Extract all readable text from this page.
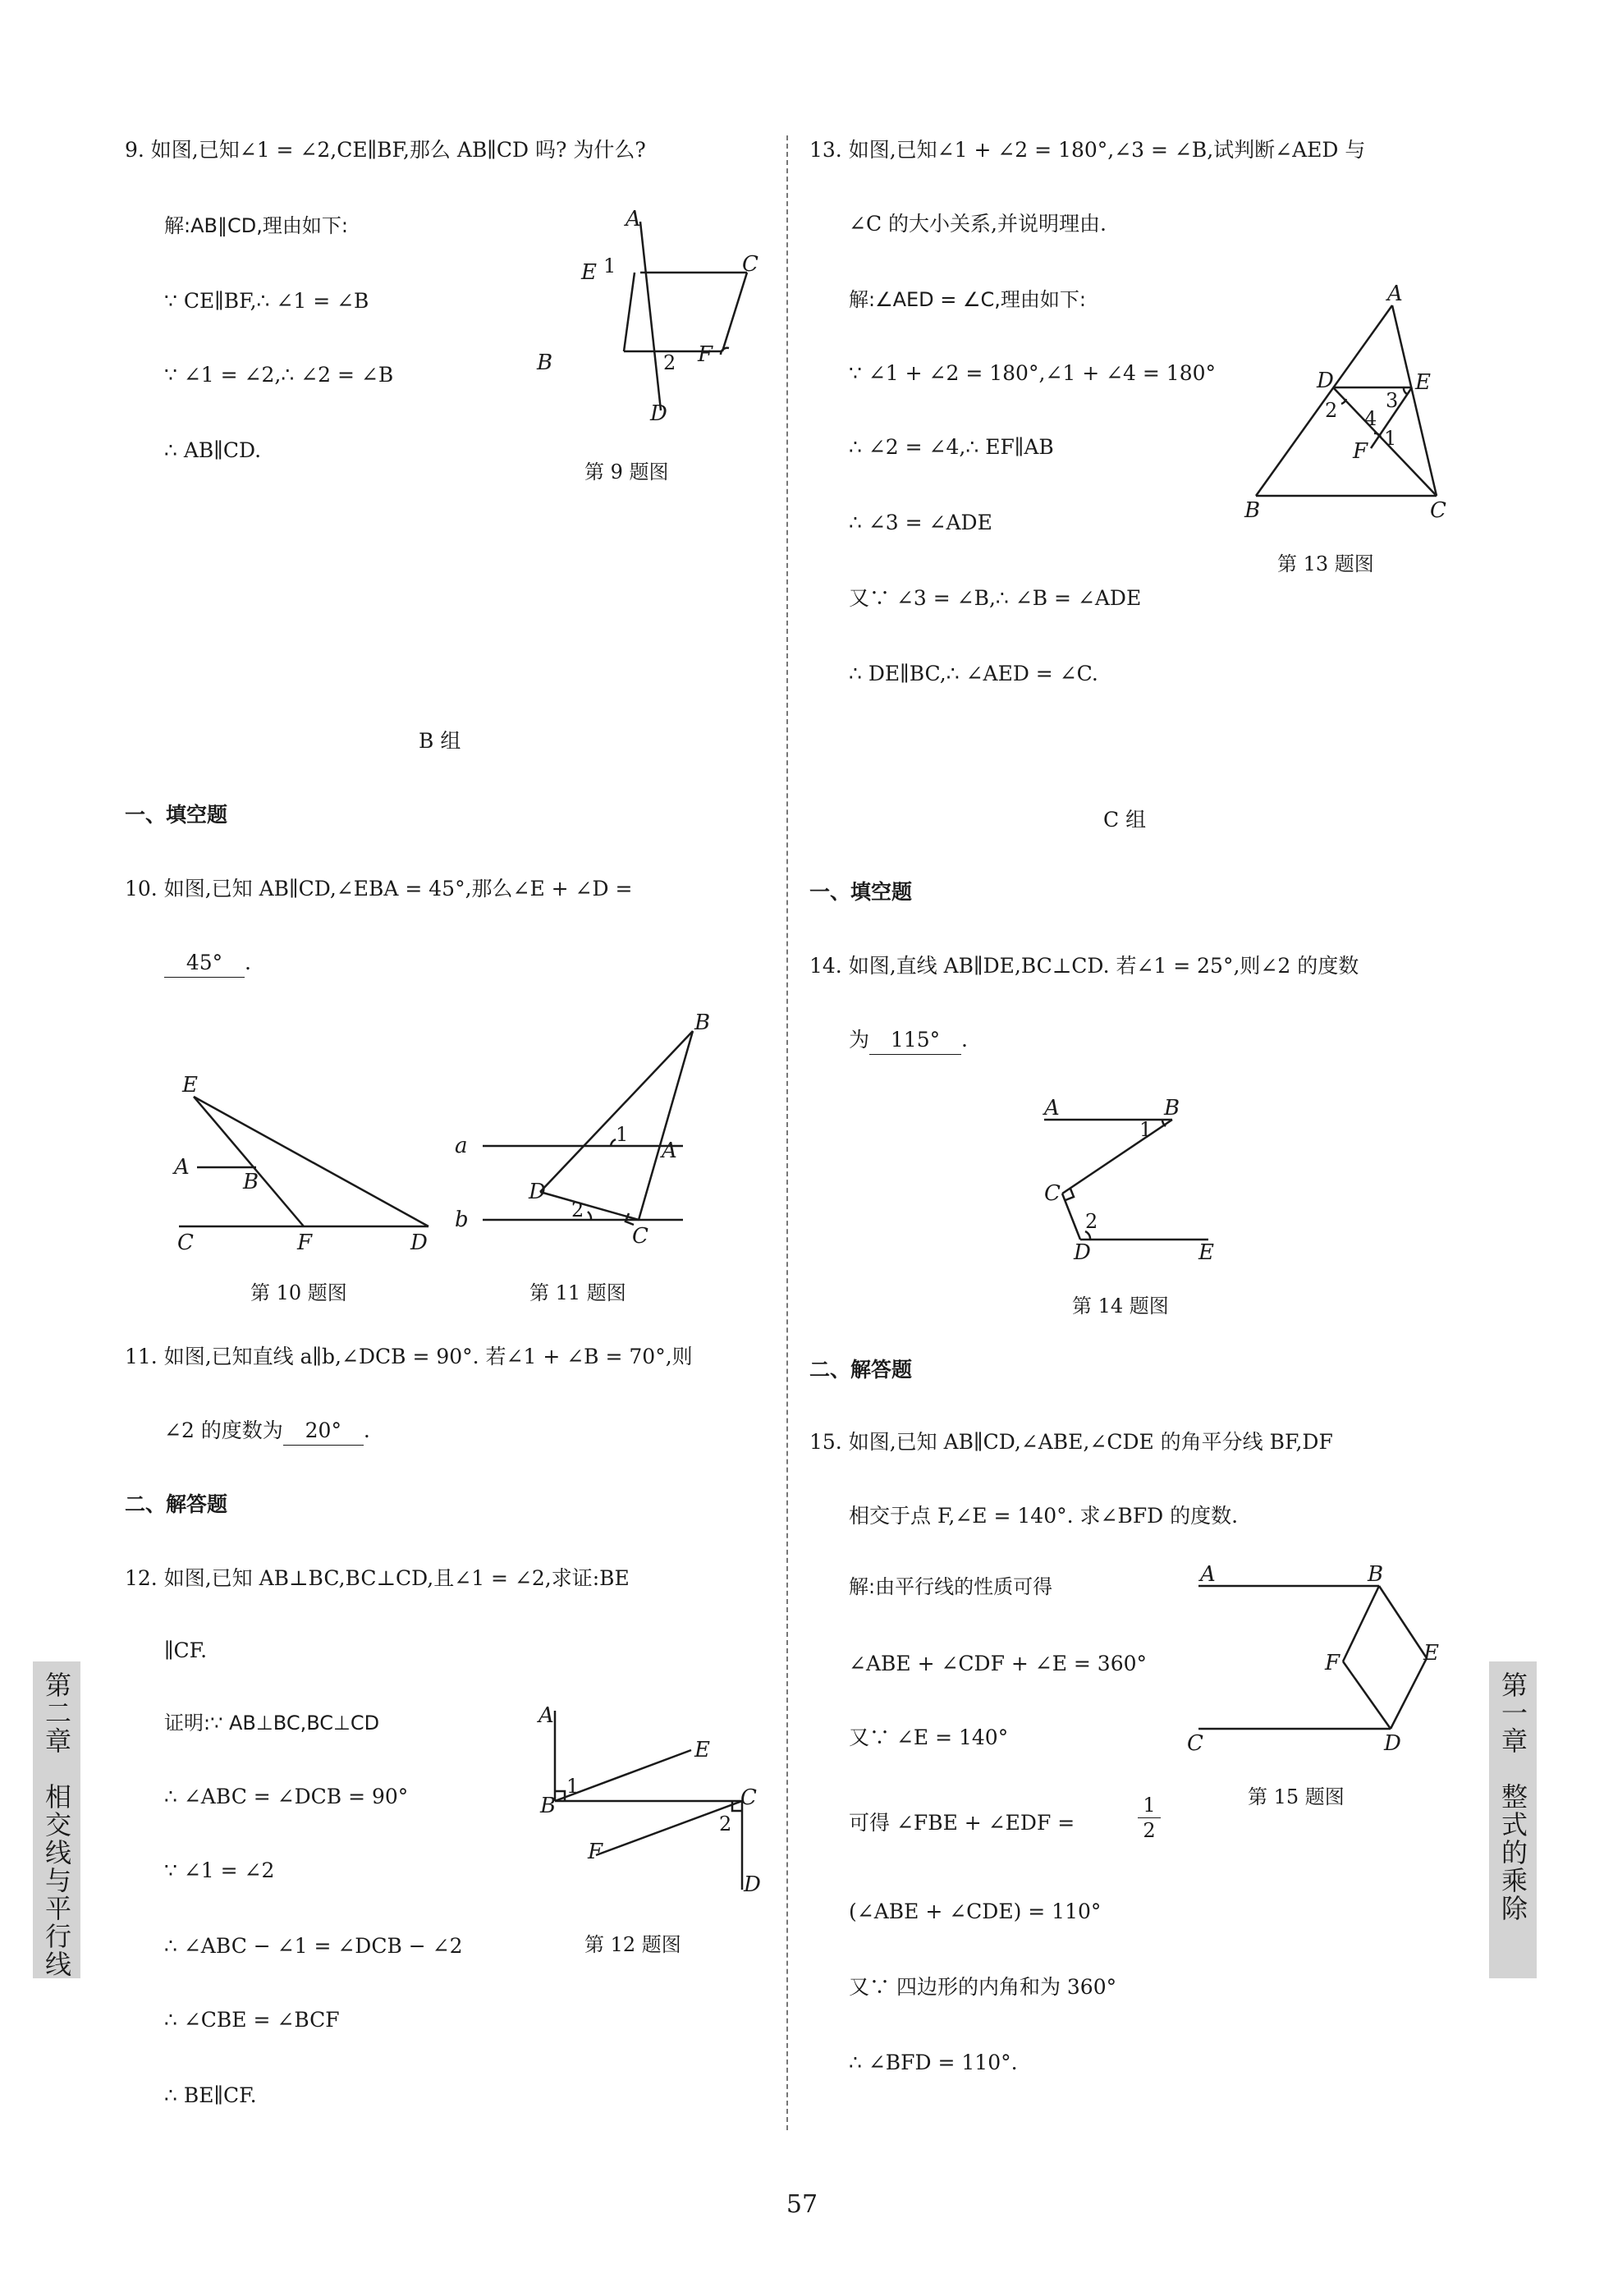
9. 如图,已知∠1 = ∠2,CE∥BF,那么 AB∥CD 吗? 为什么?
解:AB∥CD,理由如下:
∵ CE∥BF,∴ ∠1 = ∠B
∵ ∠1 = ∠2,∴ ∠2 = ∠B
∴ AB∥CD.
A
E 1	C
B	2 F
D
第 9 题图
B 组
一、填空题
10. 如图,已知 AB∥CD,∠EBA = 45°,那么∠E + ∠D =
45° .
E
A
B
C	F	D
第 10 题图
B
a	1
A
D
b	2
C
第 11 题图
11. 如图,已知直线 a∥b,∠DCB = 90°. 若∠1 + ∠B = 70°,则
∠2 的度数为 20° .
二、解答题
12. 如图,已知 AB⊥BC,BC⊥CD,且∠1 = ∠2,求证:BE
∥CF.
证明:∵ AB⊥BC,BC⊥CD
∴ ∠ABC = ∠DCB = 90°
∵ ∠1 = ∠2
∴ ∠ABC − ∠1 = ∠DCB − ∠2
∴ ∠CBE = ∠BCF
∴ BE∥CF.
A
E
1
B	C
2
F
D
第 12 题图
13. 如图,已知∠1 + ∠2 = 180°,∠3 = ∠B,试判断∠AED 与
∠C 的大小关系,并说明理由.
解:∠AED = ∠C,理由如下:
∵ ∠1 + ∠2 = 180°,∠1 + ∠4 = 180°
∴ ∠2 = ∠4,∴ EF∥AB
∴ ∠3 = ∠ADE
又∵ ∠3 = ∠B,∴ ∠B = ∠ADE
∴ DE∥BC,∴ ∠AED = ∠C.
A
D	E
2 3
4
1
F
B	C
第 13 题图
C 组
一、填空题
14. 如图,直线 AB∥DE,BC⊥CD. 若∠1 = 25°,则∠2 的度数
为 115° .
A	B
1
C
2
D	E
第 14 题图
二、解答题
15. 如图,已知 AB∥CD,∠ABE,∠CDE 的角平分线 BF,DF
相交于点 F,∠E = 140°. 求∠BFD 的度数.
解:由平行线的性质可得
∠ABE + ∠CDF + ∠E = 360°
又∵ ∠E = 140°
可得 ∠FBE + ∠EDF =	$\frac{1}{2}$
(∠ABE + ∠CDE) = 110°
又∵ 四边形的内角和为 360°
∴ ∠BFD = 110°.
A	B
F	E
C	D
第 15 题图
第二章　相交线与平行线	第一章　整式的乘除
57
